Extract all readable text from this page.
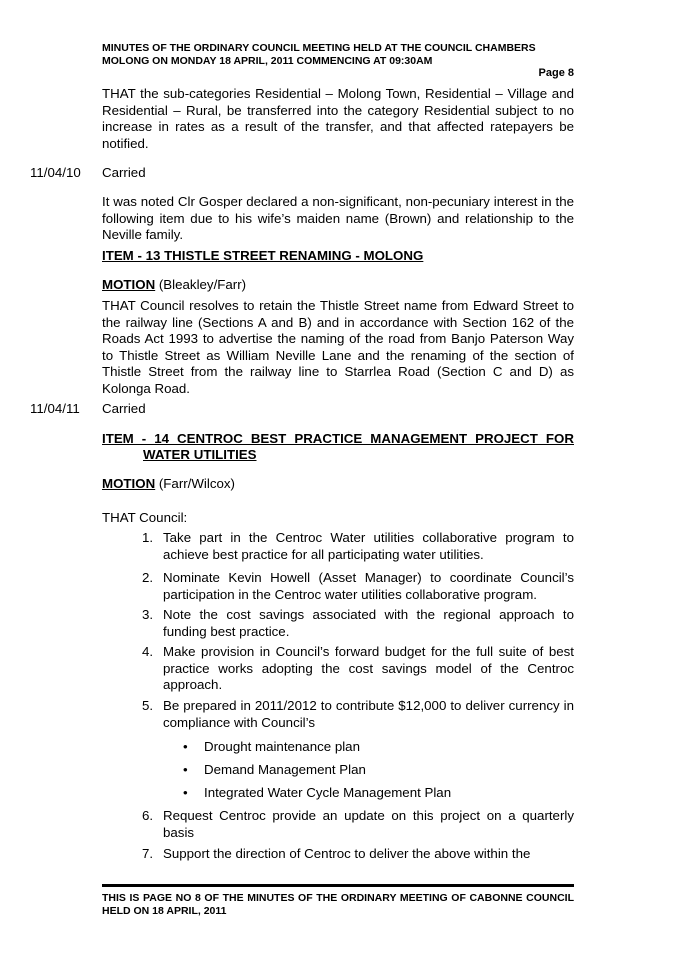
MINUTES OF THE ORDINARY COUNCIL MEETING HELD AT THE COUNCIL CHAMBERS MOLONG ON MONDAY 18 APRIL, 2011 COMMENCING AT 09:30AM
Page 8
THAT the sub-categories Residential – Molong Town, Residential – Village and Residential – Rural, be transferred into the category Residential subject to no increase in rates as a result of the transfer, and that affected ratepayers be notified.
11/04/10 Carried
It was noted Clr Gosper declared a non-significant, non-pecuniary interest in the following item due to his wife’s maiden name (Brown) and relationship to the Neville family.
ITEM - 13 THISTLE STREET RENAMING - MOLONG
MOTION (Bleakley/Farr)
THAT Council resolves to retain the Thistle Street name from Edward Street to the railway line (Sections A and B) and in accordance with Section 162 of the Roads Act 1993 to advertise the naming of the road from Banjo Paterson Way to Thistle Street as William Neville Lane and the renaming of the section of Thistle Street from the railway line to Starrlea Road (Section C and D) as Kolonga Road.
11/04/11 Carried
ITEM - 14 CENTROC BEST PRACTICE MANAGEMENT PROJECT FOR
WATER UTILITIES
MOTION (Farr/Wilcox)
THAT Council:
1. Take part in the Centroc Water utilities collaborative program to achieve best practice for all participating water utilities.
2. Nominate Kevin Howell (Asset Manager) to coordinate Council’s participation in the Centroc water utilities collaborative program.
3. Note the cost savings associated with the regional approach to funding best practice.
4. Make provision in Council’s forward budget for the full suite of best practice works adopting the cost savings model of the Centroc approach.
5. Be prepared in 2011/2012 to contribute $12,000 to deliver currency in compliance with Council’s
• Drought maintenance plan
• Demand Management Plan
• Integrated Water Cycle Management Plan
6. Request Centroc provide an update on this project on a quarterly basis
7. Support the direction of Centroc to deliver the above within the
THIS IS PAGE NO 8 OF THE MINUTES OF THE ORDINARY MEETING OF CABONNE COUNCIL HELD ON 18 APRIL, 2011
